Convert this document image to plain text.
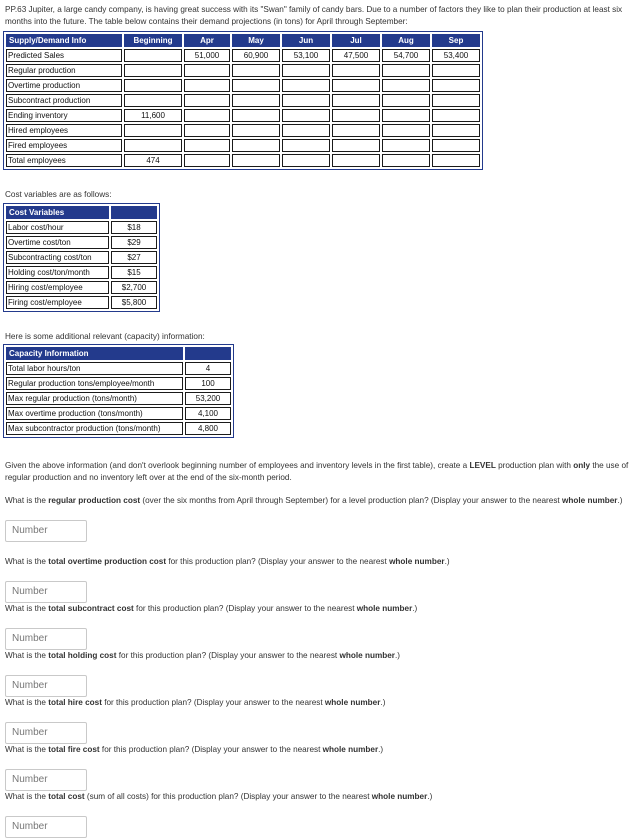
PP.63 Jupiter, a large candy company, is having great success with its "Swan" family of candy bars. Due to a number of factors they like to plan their production at least six months into the future. The table below contains their demand projections (in tons) for April through September:
Supply/Demand Info	Beginning	Apr	May	Jun	Jul	Aug	Sep
Predicted Sales		51,000	60,900	53,100	47,500	54,700	53,400
Regular production							
Overtime production							
Subcontract production							
Ending inventory	11,600						
Hired employees							
Fired employees							
Total employees	474						
Cost variables are as follows:
Cost Variables	
Labor cost/hour	$18
Overtime cost/ton	$29
Subcontracting cost/ton	$27
Holding cost/ton/month	$15
Hiring cost/employee	$2,700
Firing cost/employee	$5,800
Here is some additional relevant (capacity) information:
Capacity Information	
Total labor hours/ton	4
Regular production tons/employee/month	100
Max regular production (tons/month)	53,200
Max overtime production (tons/month)	4,100
Max subcontractor production (tons/month)	4,800
Given the above information (and don't overlook beginning number of employees and inventory levels in the first table), create a LEVEL production plan with only the use of regular production and no inventory left over at the end of the six-month period.
What is the regular production cost (over the six months from April through September) for a level production plan? (Display your answer to the nearest whole number.)

Number
What is the total overtime production cost for this production plan? (Display your answer to the nearest whole number.)

Number
What is the total subcontract cost for this production plan? (Display your answer to the nearest whole number.)

Number
What is the total holding cost for this production plan? (Display your answer to the nearest whole number.)

Number
What is the total hire cost for this production plan? (Display your answer to the nearest whole number.)

Number
What is the total fire cost for this production plan? (Display your answer to the nearest whole number.)

Number
What is the total cost (sum of all costs) for this production plan? (Display your answer to the nearest whole number.)

Number
